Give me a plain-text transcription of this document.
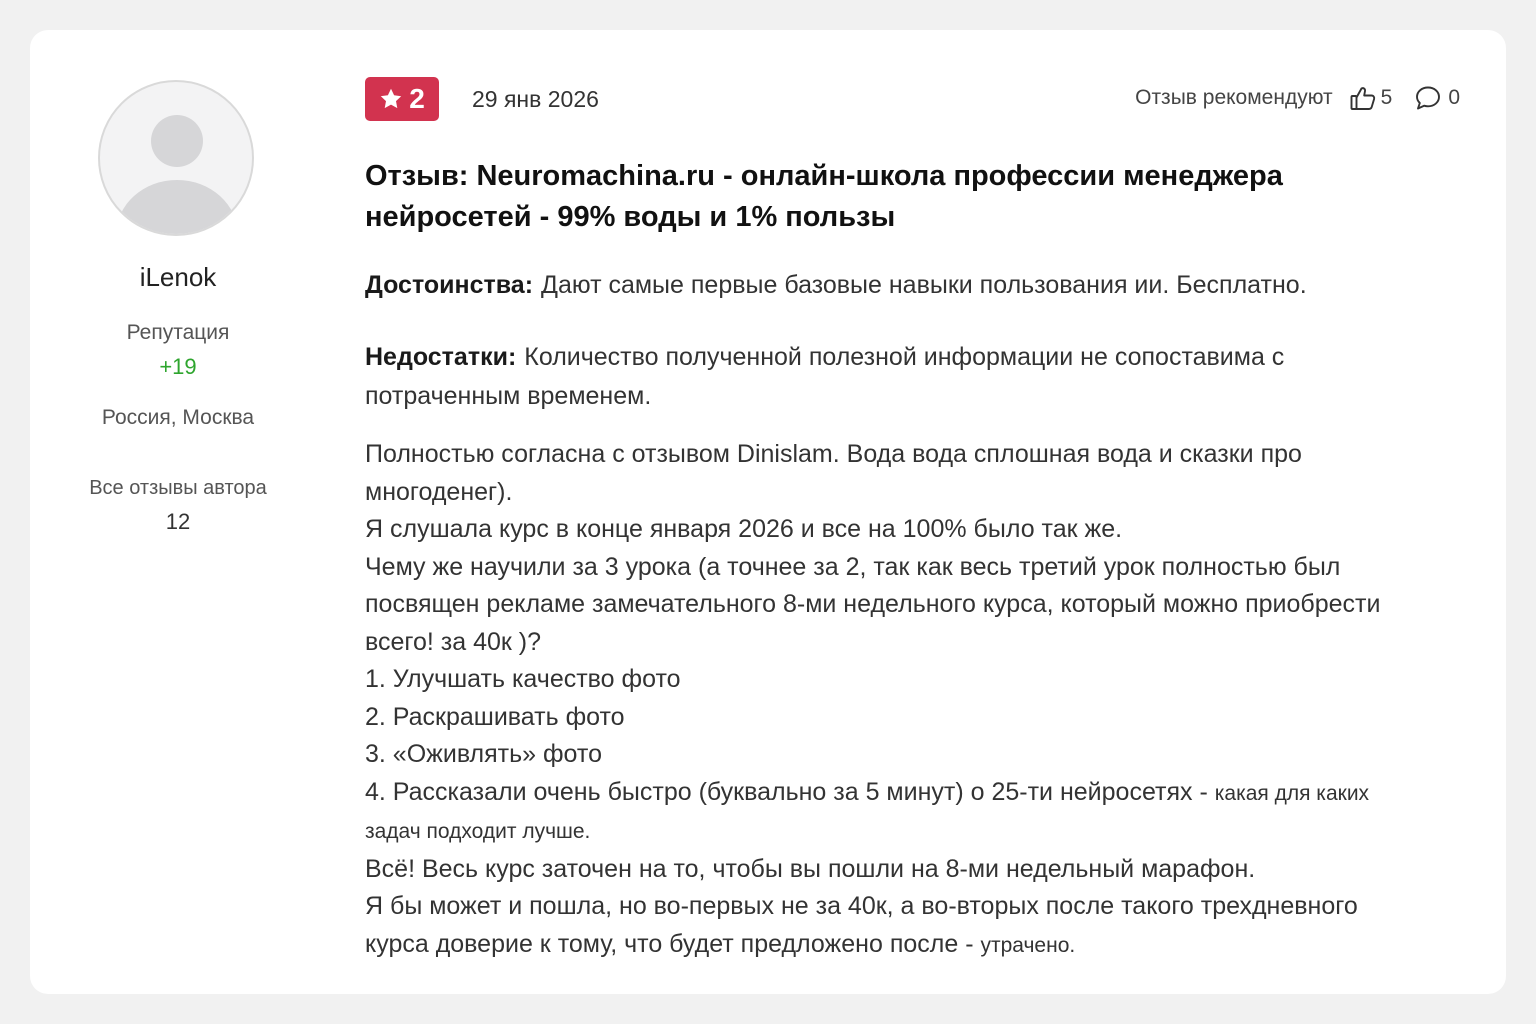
iLenok
Репутация
+19
Россия, Москва
Все отзывы автора
12
2 29 янв 2026	Отзыв рекомендуют 5	0
Отзыв: Neuromachina.ru - онлайн-школа профессии менеджера нейросетей - 99% воды и 1% пользы
Достоинства: Дают самые первые базовые навыки пользования ии. Бесплатно.
Недостатки: Количество полученной полезной информации не сопоставима с потраченным временем.

Полностью согласна с отзывом Dinislam. Вода вода сплошная вода и сказки про многоденег).

Я слушала курс в конце января 2026 и все на 100% было так же.

Чему же научили за 3 урока (а точнее за 2, так как весь третий урок полностью был посвящен рекламе замечательного 8-ми недельного курса, который можно приобрести всего! за 40к )?

1. Улучшать качество фото

2. Раскрашивать фото

3. «Оживлять» фото

4. Рассказали очень быстро (буквально за 5 минут) о 25-ти нейросетях - какая для каких задач подходит лучше.

Всё! Весь курс заточен на то, чтобы вы пошли на 8-ми недельный марафон.

Я бы может и пошла, но во-первых не за 40к, а во-вторых после такого трехдневного курса доверие к тому, что будет предложено после - утрачено.
